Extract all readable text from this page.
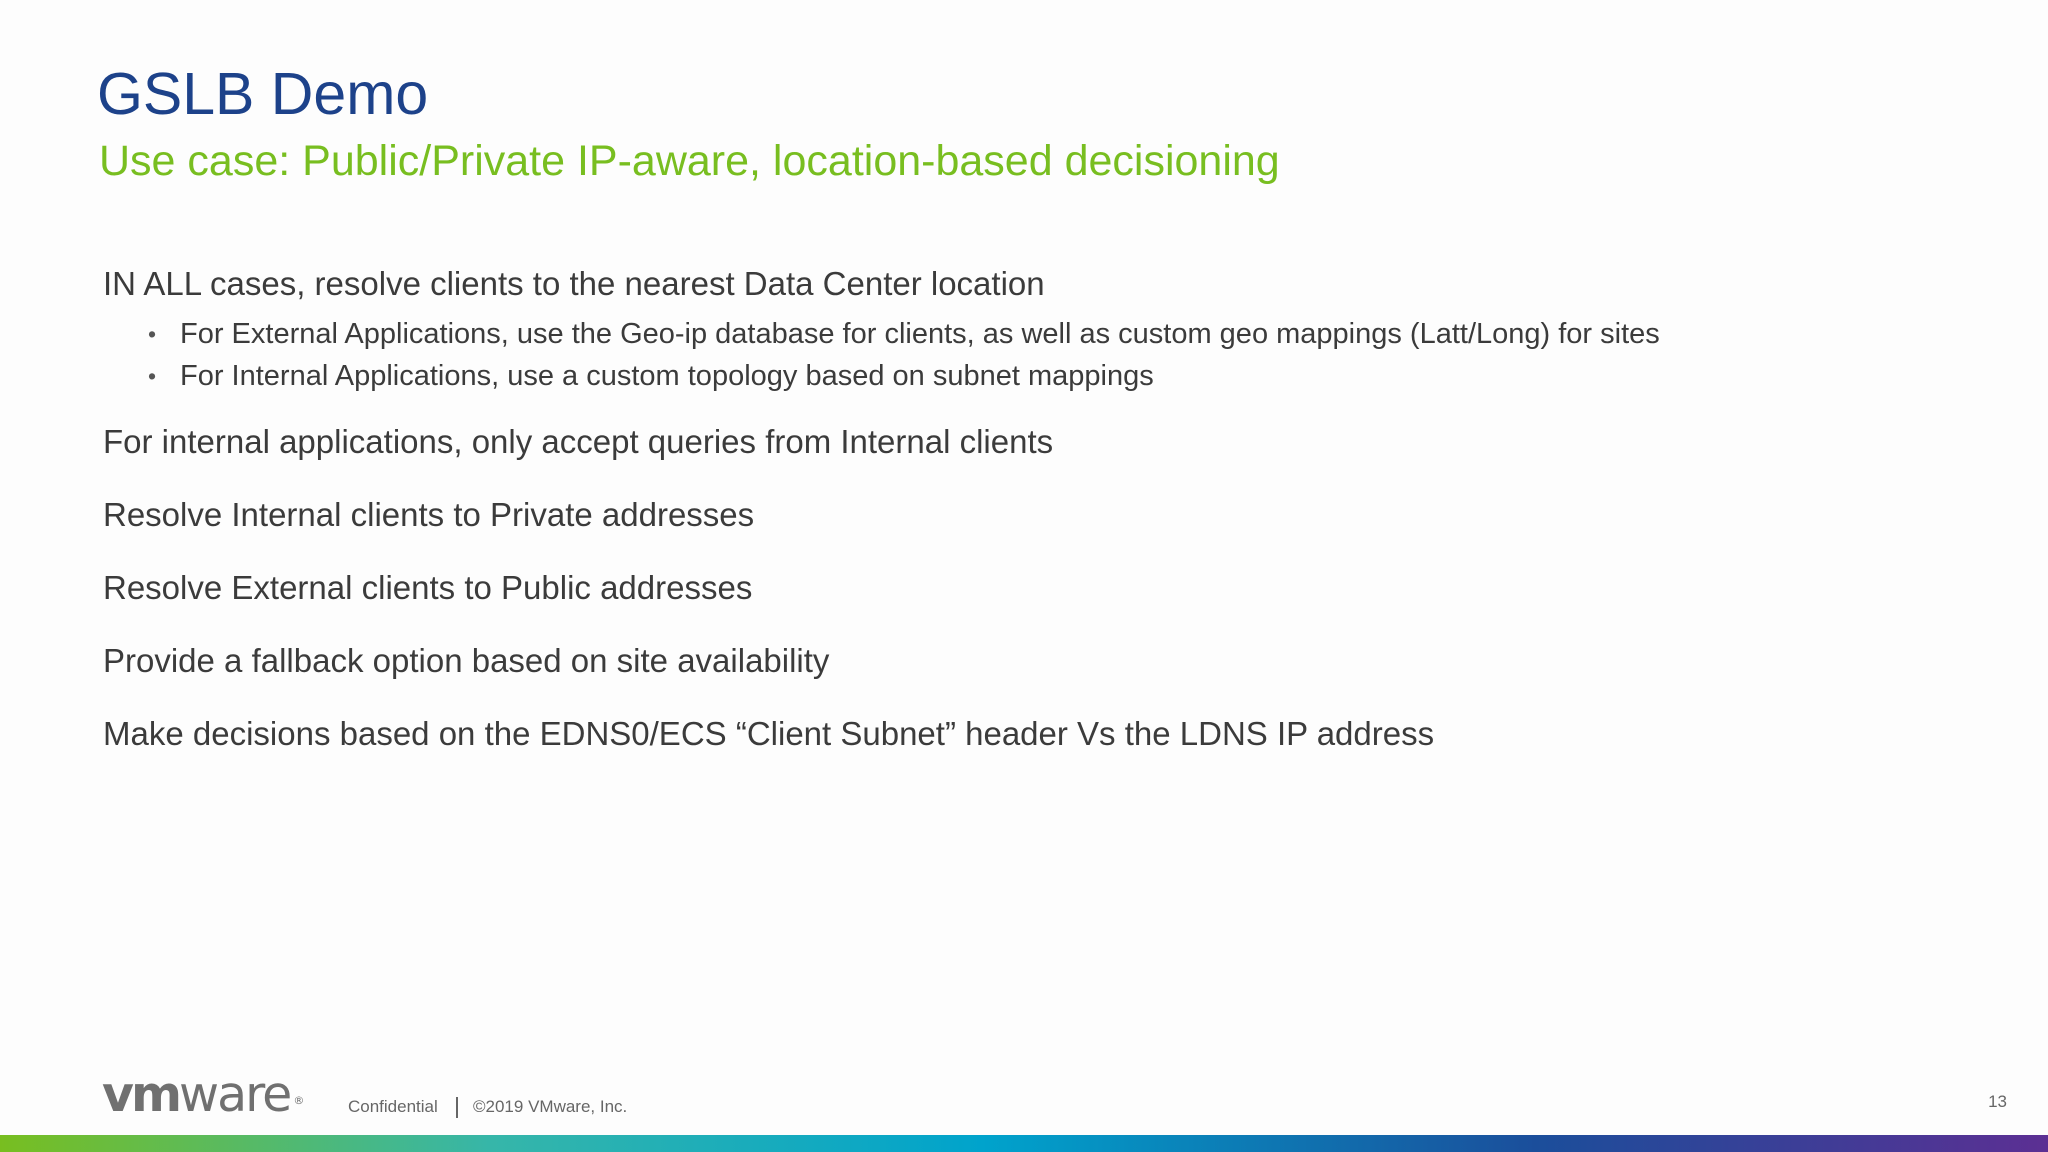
GSLB Demo
Use case: Public/Private IP-aware, location-based decisioning
IN ALL cases, resolve clients to the nearest Data Center location
• For External Applications, use the Geo-ip database for clients, as well as custom geo mappings (Latt/Long) for sites
• For Internal Applications, use a custom topology based on subnet mappings
For internal applications, only accept queries from Internal clients
Resolve Internal clients to Private addresses
Resolve External clients to Public addresses
Provide a fallback option based on site availability
Make decisions based on the EDNS0/ECS “Client Subnet” header Vs the LDNS IP address
vmware ®	Confidential ©2019 VMware, Inc.	13
